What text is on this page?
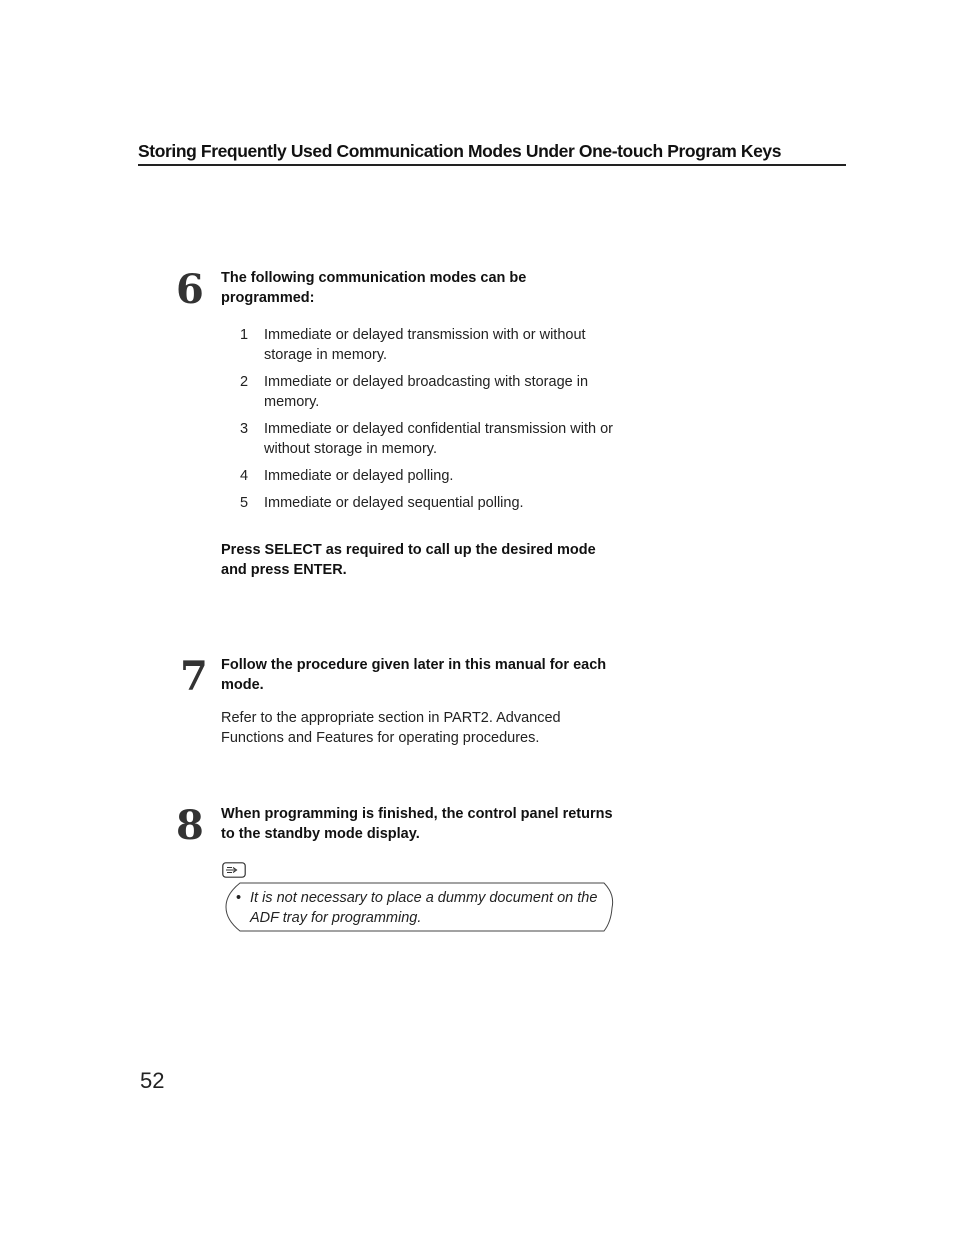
Storing Frequently Used Communication Modes Under One-touch Program Keys
6 The following communication modes can be programmed:
1 Immediate or delayed transmission with or without storage in memory.
2 Immediate or delayed broadcasting with storage in memory.
3 Immediate or delayed confidential transmission with or without storage in memory.
4 Immediate or delayed polling.
5 Immediate or delayed sequential polling.
Press SELECT as required to call up the desired mode and press ENTER.
7 Follow the procedure given later in this manual for each mode.
Refer to the appropriate section in PART2. Advanced Functions and Features for operating procedures.
8 When programming is finished, the control panel returns to the standby mode display.
• It is not necessary to place a dummy document on the ADF tray for programming.
52
